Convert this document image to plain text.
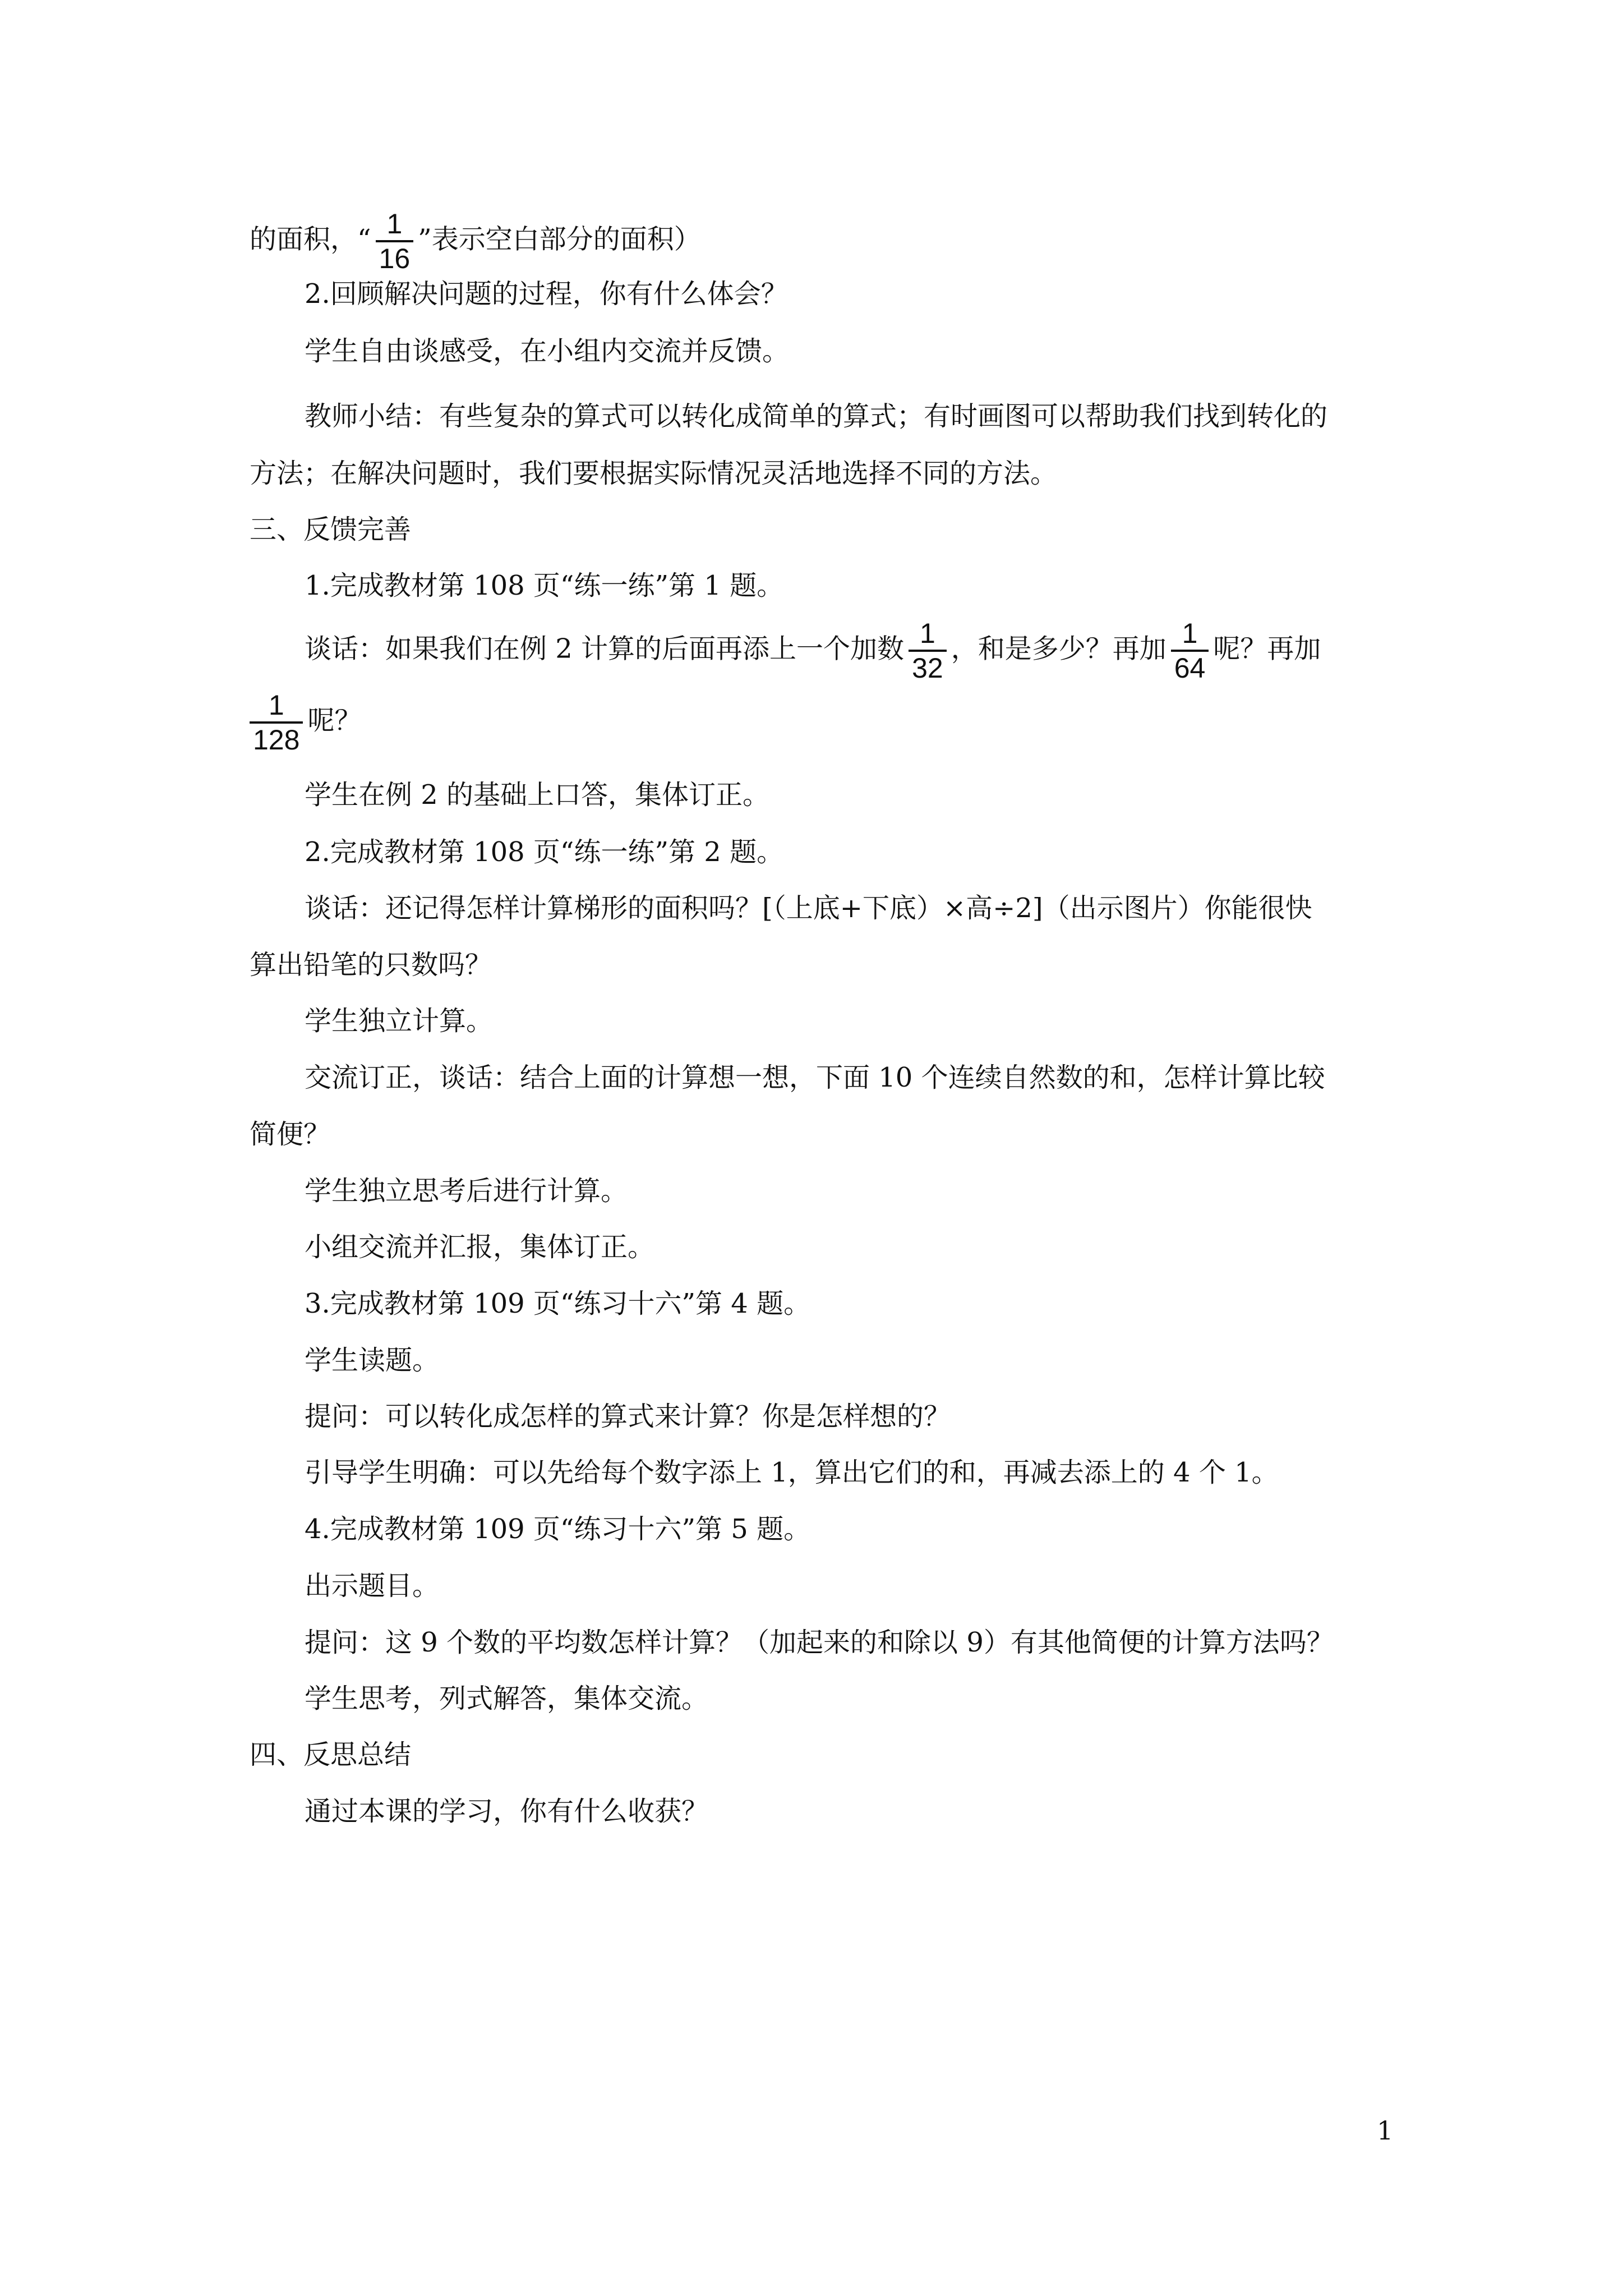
的面积，“ $\frac{1}{16}$ ”表示空白部分的面积）
2.回顾解决问题的过程，你有什么体会？
学生自由谈感受，在小组内交流并反馈。
教师小结：有些复杂的算式可以转化成简单的算式；有时画图可以帮助我们找到转化的
方法；在解决问题时，我们要根据实际情况灵活地选择不同的方法。
三、反馈完善
1.完成教材第 108 页“练一练”第 1 题。
谈话：如果我们在例 2 计算的后面再添上一个加数 $\frac{1}{32}$ ，和是多少？再加 $\frac{1}{64}$ 呢？再加
$\frac{1}{128}$ 呢？
学生在例 2 的基础上口答，集体订正。
2.完成教材第 108 页“练一练”第 2 题。
谈话：还记得怎样计算梯形的面积吗？[（上底+下底）×高÷2]（出示图片）你能很快
算出铅笔的只数吗？
学生独立计算。
交流订正，谈话：结合上面的计算想一想，下面 10 个连续自然数的和，怎样计算比较
简便？
学生独立思考后进行计算。
小组交流并汇报，集体订正。
3.完成教材第 109 页“练习十六”第 4 题。
学生读题。
提问：可以转化成怎样的算式来计算？你是怎样想的？
引导学生明确：可以先给每个数字添上 1，算出它们的和，再减去添上的 4 个 1。
4.完成教材第 109 页“练习十六”第 5 题。
出示题目。
提问：这 9 个数的平均数怎样计算？（加起来的和除以 9）有其他简便的计算方法吗？
学生思考，列式解答，集体交流。
四、反思总结
通过本课的学习，你有什么收获？
1
